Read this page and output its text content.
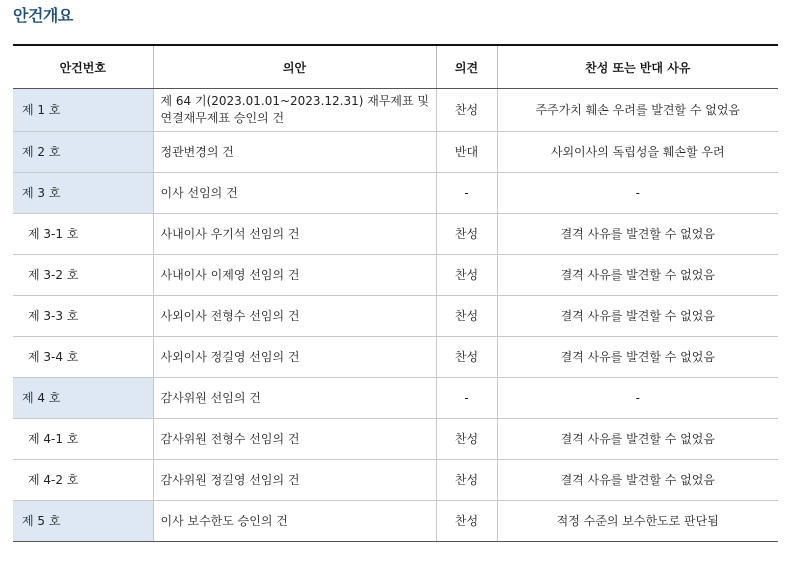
안건개요
안건번호	의안	의견	찬성 또는 반대 사유
제 1 호	제 64 기(2023.01.01~2023.12.31) 재무제표 및 연결재무제표 승인의 건	찬성	주주가치 훼손 우려를 발견할 수 없었음
제 2 호	정관변경의 건	반대	사외이사의 독립성을 훼손할 우려
제 3 호	이사 선임의 건	-	-
제 3-1 호	사내이사 우기석 선임의 건	찬성	결격 사유를 발견할 수 없었음
제 3-2 호	사내이사 이제영 선임의 건	찬성	결격 사유를 발견할 수 없었음
제 3-3 호	사외이사 전형수 선임의 건	찬성	결격 사유를 발견할 수 없었음
제 3-4 호	사외이사 정길영 선임의 건	찬성	결격 사유를 발견할 수 없었음
제 4 호	감사위원 선임의 건	-	-
제 4-1 호	감사위원 전형수 선임의 건	찬성	결격 사유를 발견할 수 없었음
제 4-2 호	감사위원 정길영 선임의 건	찬성	결격 사유를 발견할 수 없었음
제 5 호	이사 보수한도 승인의 건	찬성	적정 수준의 보수한도로 판단됨
